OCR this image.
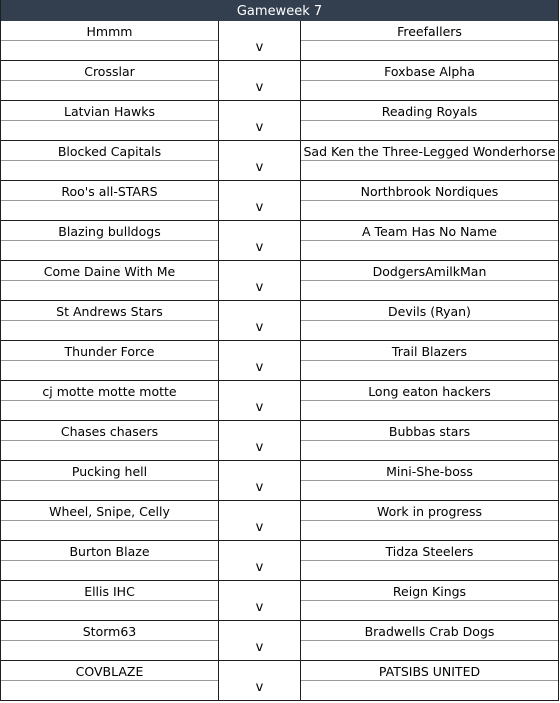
Gameweek 7
Hmmm
v
Freefallers
Crosslar
v
Foxbase Alpha
Latvian Hawks
v
Reading Royals
Blocked Capitals
v
Sad Ken the Three-Legged Wonderhorse
Roo's all-STARS
v
Northbrook Nordiques
Blazing bulldogs
v
A Team Has No Name
Come Daine With Me
v
DodgersAmilkMan
St Andrews Stars
v
Devils (Ryan)
Thunder Force
v
Trail Blazers
cj motte motte motte
v
Long eaton hackers
Chases chasers
v
Bubbas stars
Pucking hell
v
Mini-She-boss
Wheel, Snipe, Celly
v
Work in progress
Burton Blaze
v
Tidza Steelers
Ellis IHC
v
Reign Kings
Storm63
v
Bradwells Crab Dogs
COVBLAZE
v
PATSIBS UNITED
